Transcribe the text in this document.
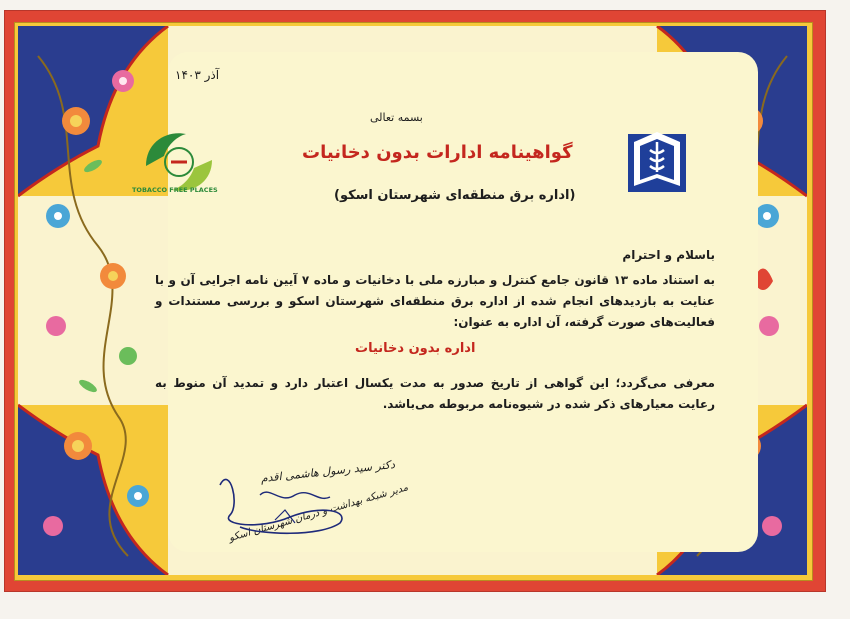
TOBACCO FREE PLACES
آذر ۱۴۰۳
بسمه تعالی
گواهینامه ادارات بدون دخانیات
(اداره برق منطقه‌ای شهرستان اسکو)
باسلام و احترام
به استناد ماده ۱۳ قانون جامع کنترل و مبارزه ملی با دخانیات و ماده ۷ آیین نامه اجرایی آن و با عنایت به بازدیدهای انجام شده از اداره برق منطقه‌ای شهرستان اسکو و بررسی مستندات و فعالیت‌های صورت گرفته، آن اداره به عنوان:
اداره بدون دخانیات
معرفی می‌گردد؛ این گواهی از تاریخ صدور به مدت یکسال اعتبار دارد و تمدید آن منوط به رعایت معیارهای ذکر شده در شیوه‌نامه مربوطه می‌باشد.
دکتر سید رسول هاشمی اقدم
مدیر شبکه بهداشت و درمان شهرستان اسکو
